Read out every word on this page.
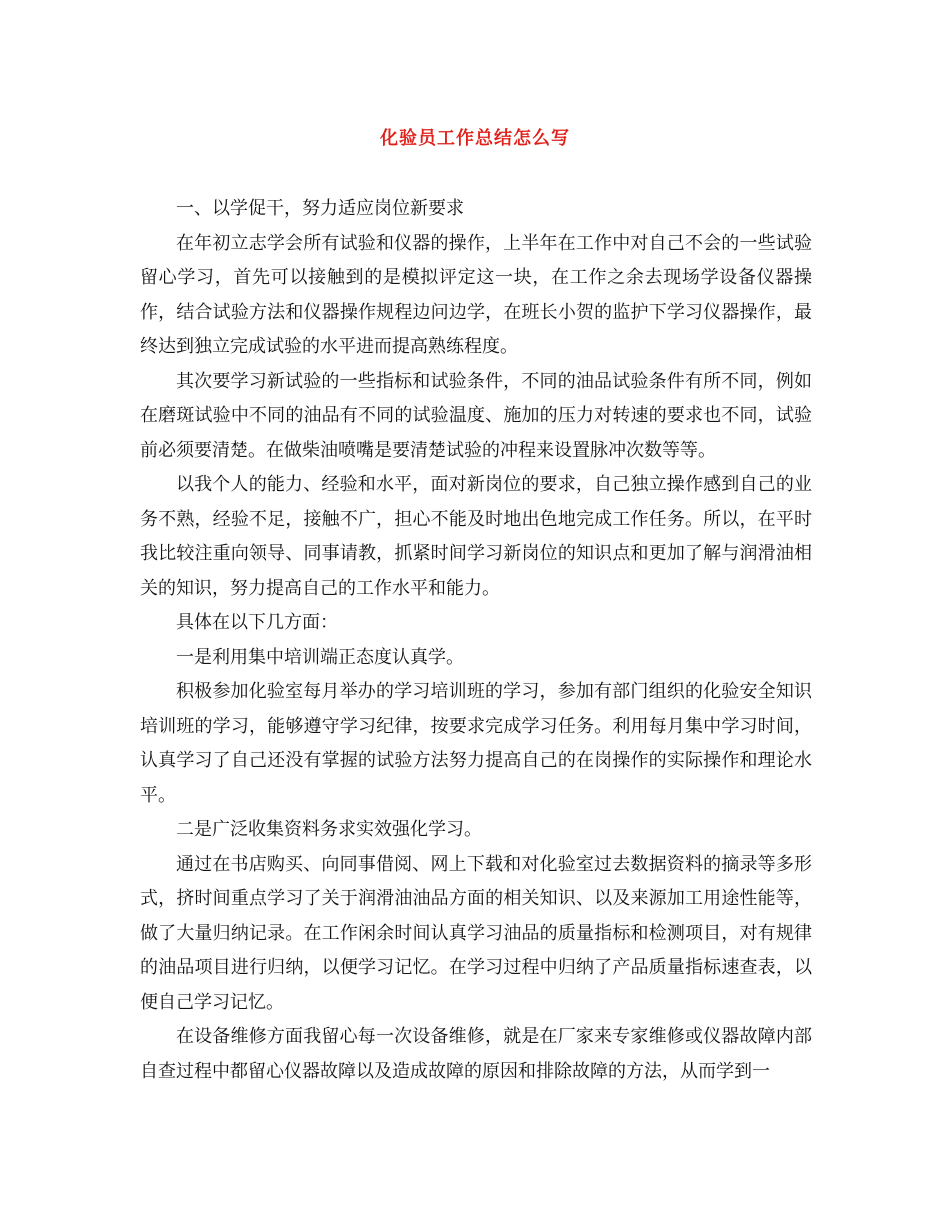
化验员工作总结怎么写

一、以学促干，努力适应岗位新要求

在年初立志学会所有试验和仪器的操作，上半年在工作中对自己不会的一些试验留心学习，首先可以接触到的是模拟评定这一块，在工作之余去现场学设备仪器操作，结合试验方法和仪器操作规程边问边学，在班长小贺的监护下学习仪器操作，最终达到独立完成试验的水平进而提高熟练程度。

其次要学习新试验的一些指标和试验条件，不同的油品试验条件有所不同，例如在磨斑试验中不同的油品有不同的试验温度、施加的压力对转速的要求也不同，试验前必须要清楚。在做柴油喷嘴是要清楚试验的冲程来设置脉冲次数等等。

以我个人的能力、经验和水平，面对新岗位的要求，自己独立操作感到自己的业务不熟，经验不足，接触不广，担心不能及时地出色地完成工作任务。所以，在平时我比较注重向领导、同事请教，抓紧时间学习新岗位的知识点和更加了解与润滑油相关的知识，努力提高自己的工作水平和能力。

具体在以下几方面：

一是利用集中培训端正态度认真学。

积极参加化验室每月举办的学习培训班的学习，参加有部门组织的化验安全知识培训班的学习，能够遵守学习纪律，按要求完成学习任务。利用每月集中学习时间，认真学习了自己还没有掌握的试验方法努力提高自己的在岗操作的实际操作和理论水平。

二是广泛收集资料务求实效强化学习。

通过在书店购买、向同事借阅、网上下载和对化验室过去数据资料的摘录等多形式，挤时间重点学习了关于润滑油油品方面的相关知识、以及来源加工用途性能等，做了大量归纳记录。在工作闲余时间认真学习油品的质量指标和检测项目，对有规律的油品项目进行归纳，以便学习记忆。在学习过程中归纳了产品质量指标速查表，以便自己学习记忆。

在设备维修方面我留心每一次设备维修，就是在厂家来专家维修或仪器故障内部自查过程中都留心仪器故障以及造成故障的原因和排除故障的方法，从而学到一
